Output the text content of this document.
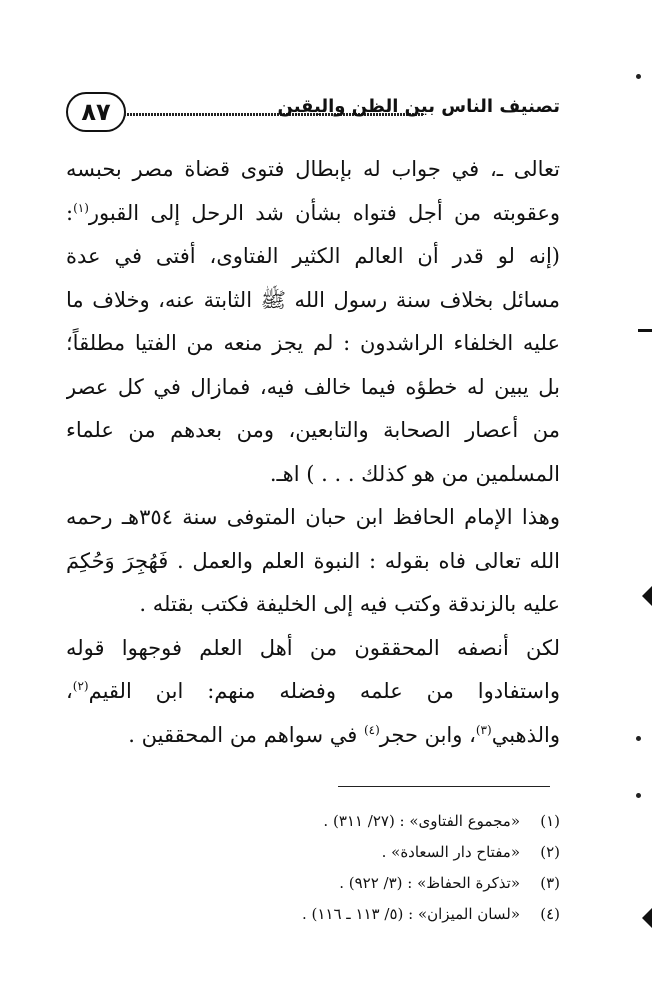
٨٧	تصنيف الناس بين الظن واليقين
تعالى ـ، في جواب له بإبطال فتوى قضاة مصر بحبسه
وعقوبته من أجل فتواه بشأن شد الرحل إلى القبور$^{(١)}$:
(إنه لو قدر أن العالم الكثير الفتاوى، أفتى في عدة
مسائل بخلاف سنة رسول الله ﷺ الثابتة عنه، وخلاف ما
عليه الخلفاء الراشدون : لم يجز منعه من الفتيا مطلقاً؛
بل يبين له خطؤه فيما خالف فيه، فمازال في كل عصر
من أعصار الصحابة والتابعين، ومن بعدهم من علماء
المسلمين من هو كذلك . . . ) اهـ.
وهذا الإمام الحافظ ابن حبان المتوفى سنة ٣٥٤هـ رحمه
الله تعالى فاه بقوله : النبوة العلم والعمل . فَهُجِرَ وَحُكِمَ
عليه بالزندقة وكتب فيه إلى الخليفة فكتب بقتله .
لكن أنصفه المحققون من أهل العلم فوجهوا قوله
واستفادوا من علمه وفضله منهم: ابن القيم$^{(٢)}$،
والذهبي$^{(٣)}$، وابن حجر$^{(٤)}$ في سواهم من المحققين .
(١)
«مجموع الفتاوى» : (٢٧/ ٣١١) .
(٢)
«مفتاح دار السعادة» .
(٣)
«تذكرة الحفاظ» : (٣/ ٩٢٢) .
(٤)
«لسان الميزان» : (٥/ ١١٣ ـ ١١٦) .
